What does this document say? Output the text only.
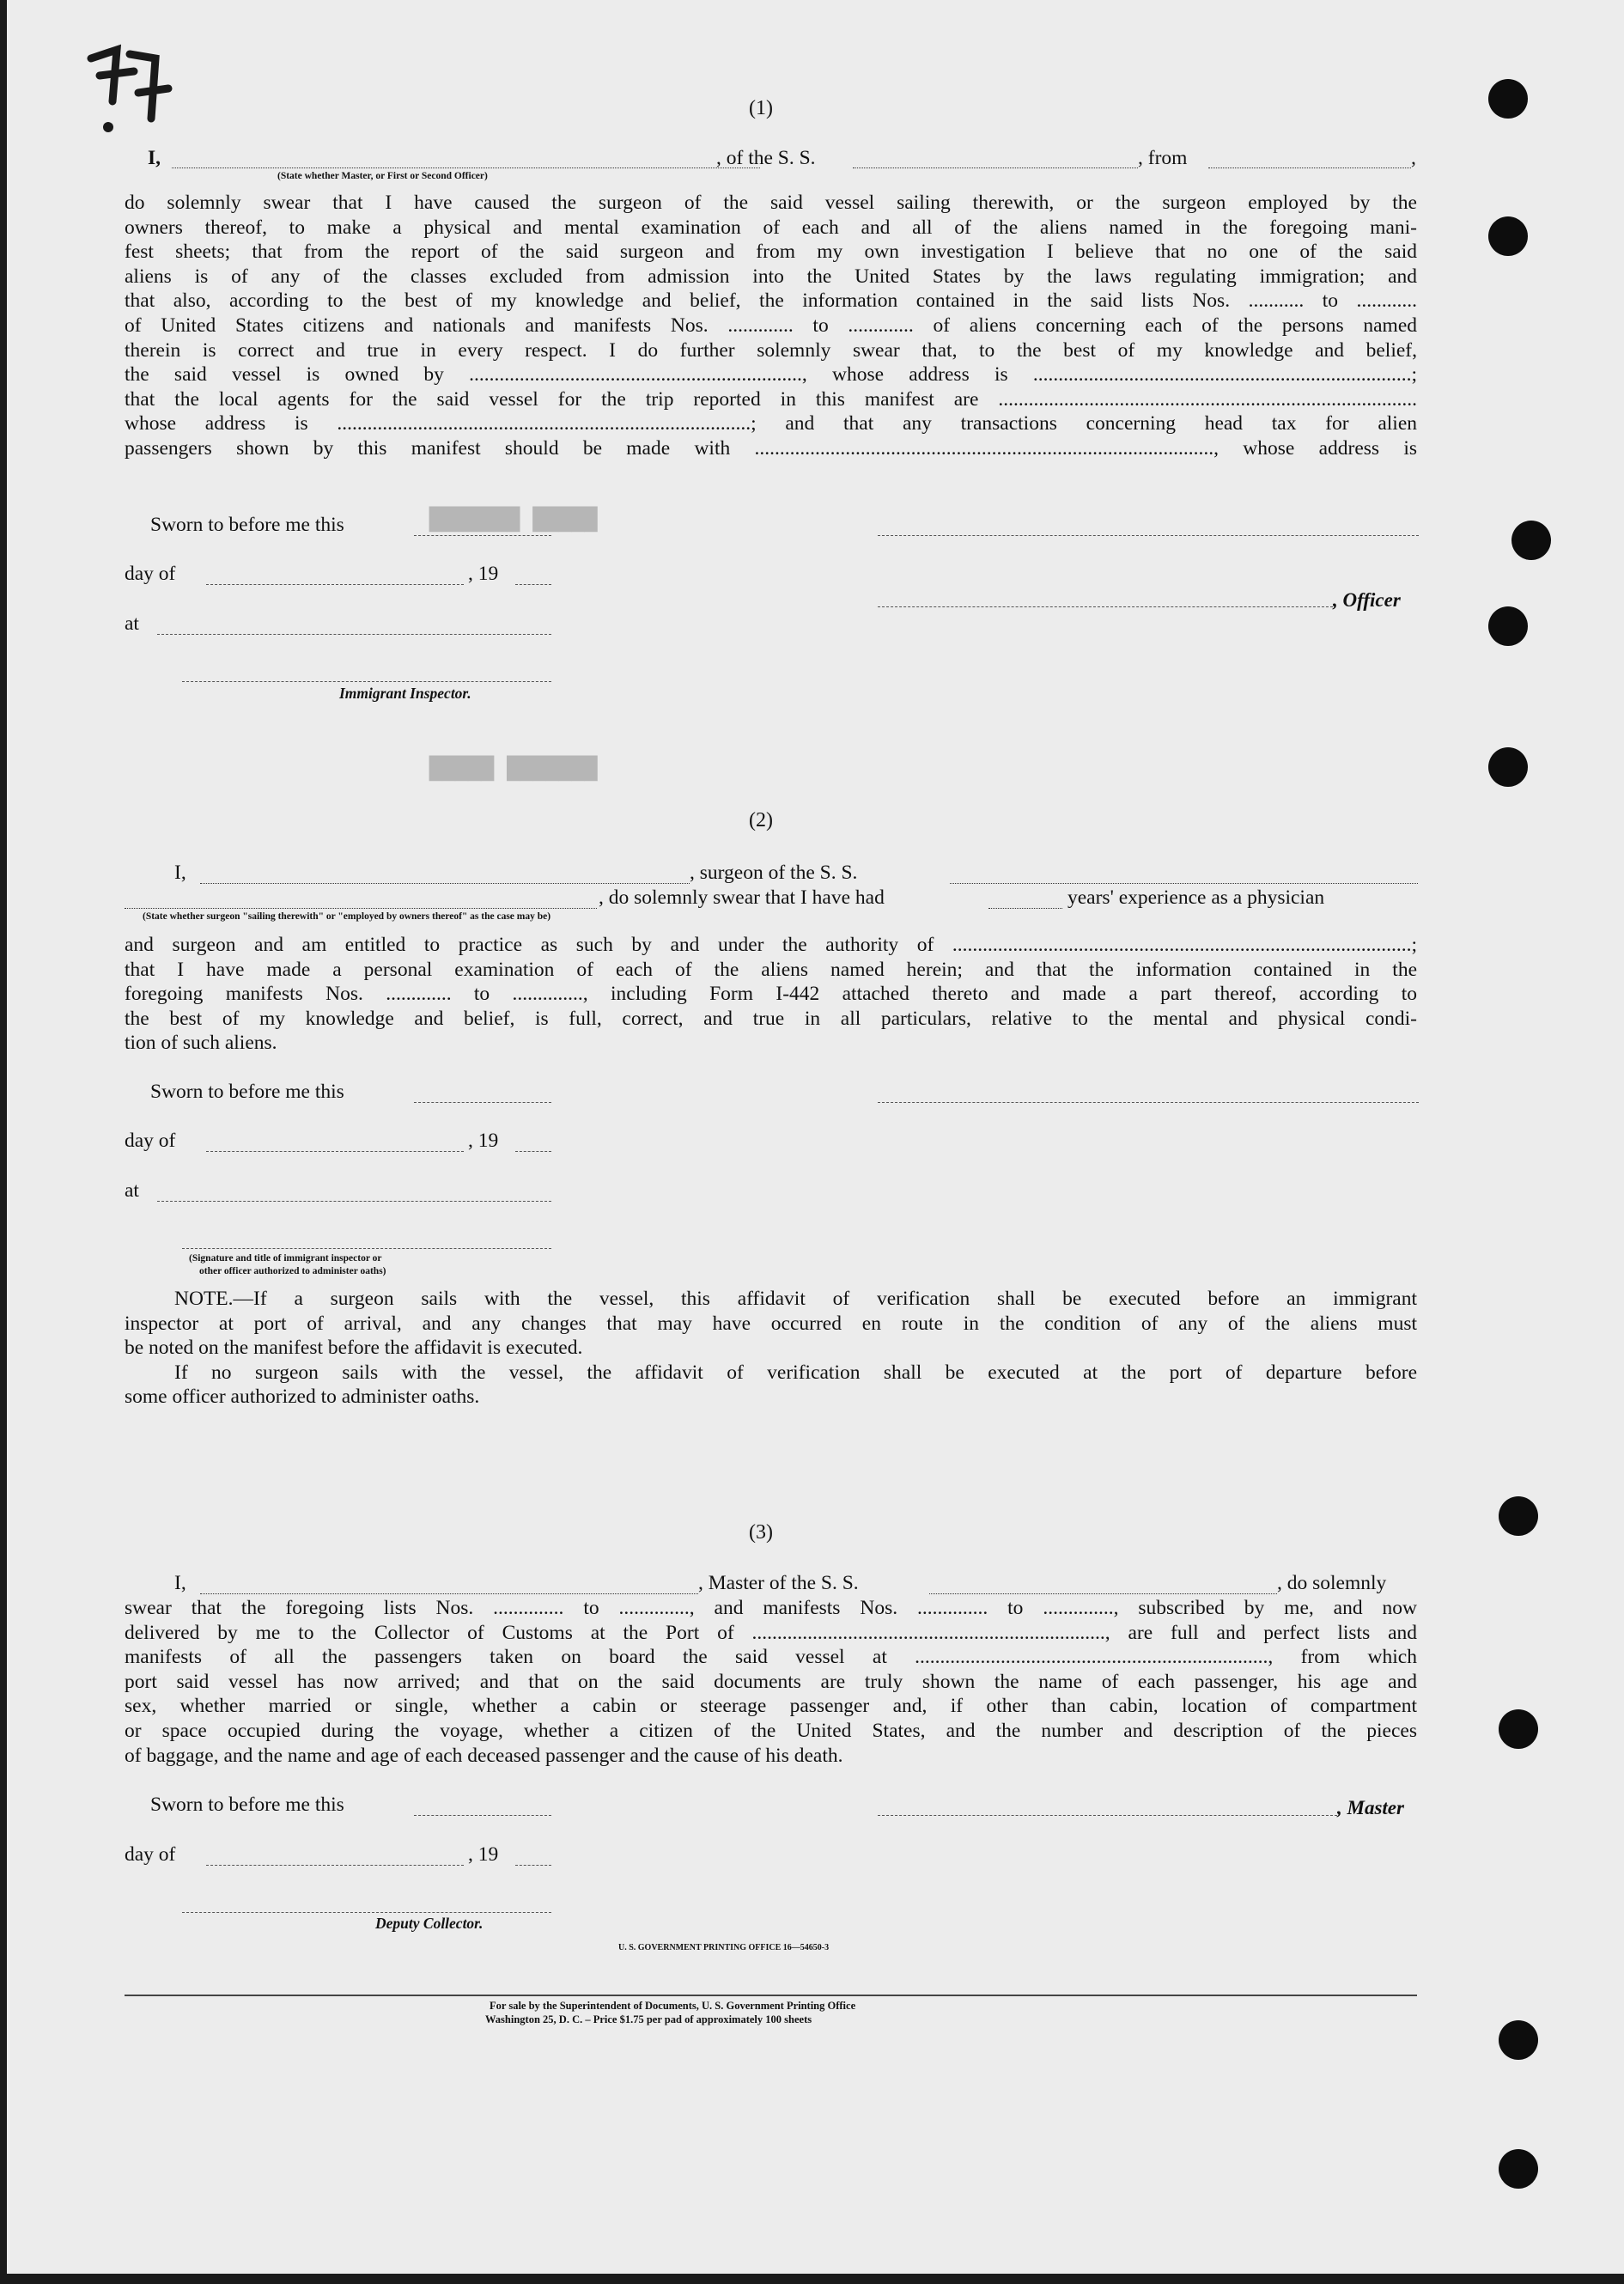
█████ ███████
███████ █████
(1)
I,	, of the S. S.	, from	,
(State whether Master, or First or Second Officer)
do solemnly swear that I have caused the surgeon of the said vessel sailing therewith, or the surgeon employed by the
owners thereof, to make a physical and mental examination of each and all of the aliens named in the foregoing mani-
fest sheets; that from the report of the said surgeon and from my own investigation I believe that no one of the said
aliens is of any of the classes excluded from admission into the United States by the laws regulating immigration; and
that also, according to the best of my knowledge and belief, the information contained in the said lists Nos. ........... to ............
of United States citizens and nationals and manifests Nos. ............. to ............. of aliens concerning each of the persons named
therein is correct and true in every respect. I do further solemnly swear that, to the best of my knowledge and belief,
the said vessel is owned by .................................................................., whose address is ...........................................................................;
that the local agents for the said vessel for the trip reported in this manifest are ...................................................................................
whose address is ..................................................................................; and that any transactions concerning head tax for alien
passengers shown by this manifest should be made with ..........................................................................................., whose address is
Sworn to before me this
day of	, 19
, Officer
at
Immigrant Inspector.
(2)
I,	, surgeon of the S. S.
, do solemnly swear that I have had	years' experience as a physician
(State whether surgeon "sailing therewith" or "employed by owners thereof" as the case may be)
and surgeon and am entitled to practice as such by and under the authority of ...........................................................................................;
that I have made a personal examination of each of the aliens named herein; and that the information contained in the
foregoing manifests Nos. ............. to .............., including Form I-442 attached thereto and made a part thereof, according to
the best of my knowledge and belief, is full, correct, and true in all particulars, relative to the mental and physical condi-
tion of such aliens.
Sworn to before me this
day of	, 19
at
(Signature and title of immigrant inspector or
other officer authorized to administer oaths)
NOTE.—If a surgeon sails with the vessel, this affidavit of verification shall be executed before an immigrant
inspector at port of arrival, and any changes that may have occurred en route in the condition of any of the aliens must
be noted on the manifest before the affidavit is executed.
If no surgeon sails with the vessel, the affidavit of verification shall be executed at the port of departure before
some officer authorized to administer oaths.
(3)
I,	, Master of the S. S.	, do solemnly
swear that the foregoing lists Nos. .............. to .............., and manifests Nos. .............. to .............., subscribed by me, and now
delivered by me to the Collector of Customs at the Port of ......................................................................, are full and perfect lists and
manifests of all the passengers taken on board the said vessel at ......................................................................, from which
port said vessel has now arrived; and that on the said documents are truly shown the name of each passenger, his age and
sex, whether married or single, whether a cabin or steerage passenger and, if other than cabin, location of compartment
or space occupied during the voyage, whether a citizen of the United States, and the number and description of the pieces
of baggage, and the name and age of each deceased passenger and the cause of his death.
Sworn to before me this	, Master
day of	, 19
Deputy Collector.
U. S. GOVERNMENT PRINTING OFFICE 16—54650-3
For sale by the Superintendent of Documents, U. S. Government Printing Office
Washington 25, D. C. – Price $1.75 per pad of approximately 100 sheets
